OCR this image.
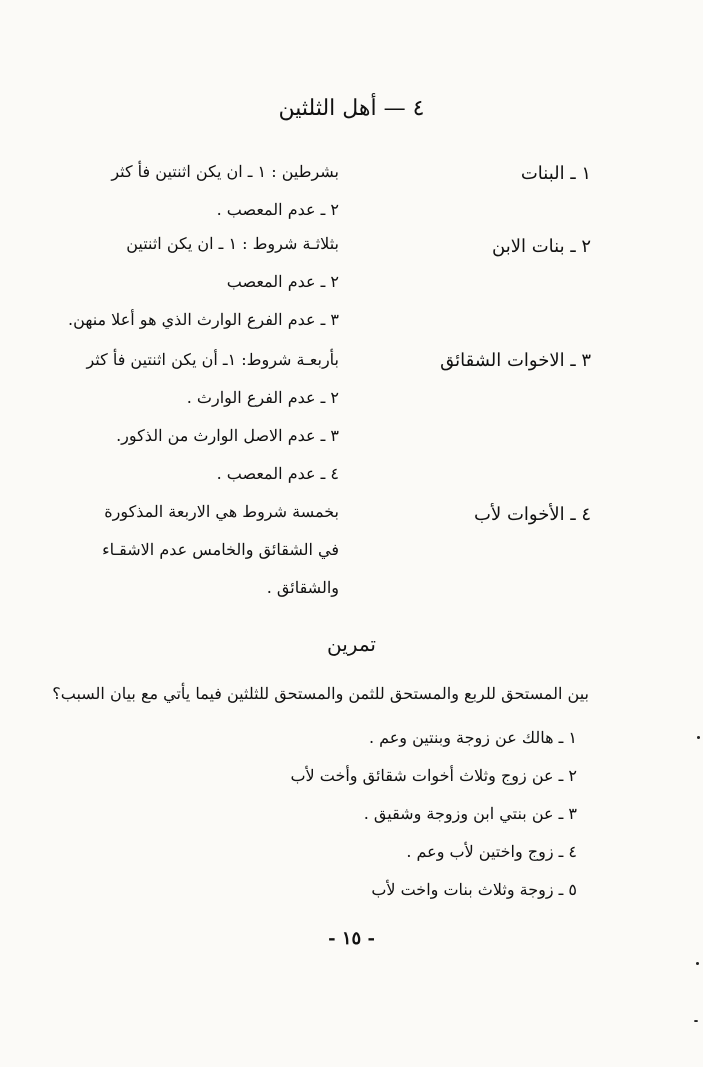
٤ — أهل الثلثين
١ ـ البنات
بشرطين : ١ ـ ان يكن اثنتين فأ كثر
٢ ـ عدم المعصب .
٢ ـ بنات الابن
بثلاثـة شروط : ١ ـ ان يكن اثنتين
٢ ـ عدم المعصب
٣ ـ عدم الفرع الوارث الذي هو أعلا منهن.
٣ ـ الاخوات الشقائق
بأربعـة شروط: ١ـ أن يكن اثنتين فأ كثر
٢ ـ عدم الفرع الوارث .
٣ ـ عدم الاصل الوارث من الذكور.
٤ ـ عدم المعصب .
٤ ـ الأخوات لأب
بخمسة شروط هي الاربعة المذكورة
في الشقائق والخامس عدم الاشقـاء
والشقائق .
تمرين
بين المستحق للربع والمستحق للثمن والمستحق للثلثين فيما يأتي مع بيان السبب؟
١ ـ هالك عن زوجة وبنتين وعم .
٢ ـ عن زوج وثلاث أخوات شقائق وأخت لأب
٣ ـ عن بنتي ابن وزوجة وشقيق .
٤ ـ زوج واختين لأب وعم .
٥ ـ زوجة وثلاث بنات واخت لأب
- ١٥ -
